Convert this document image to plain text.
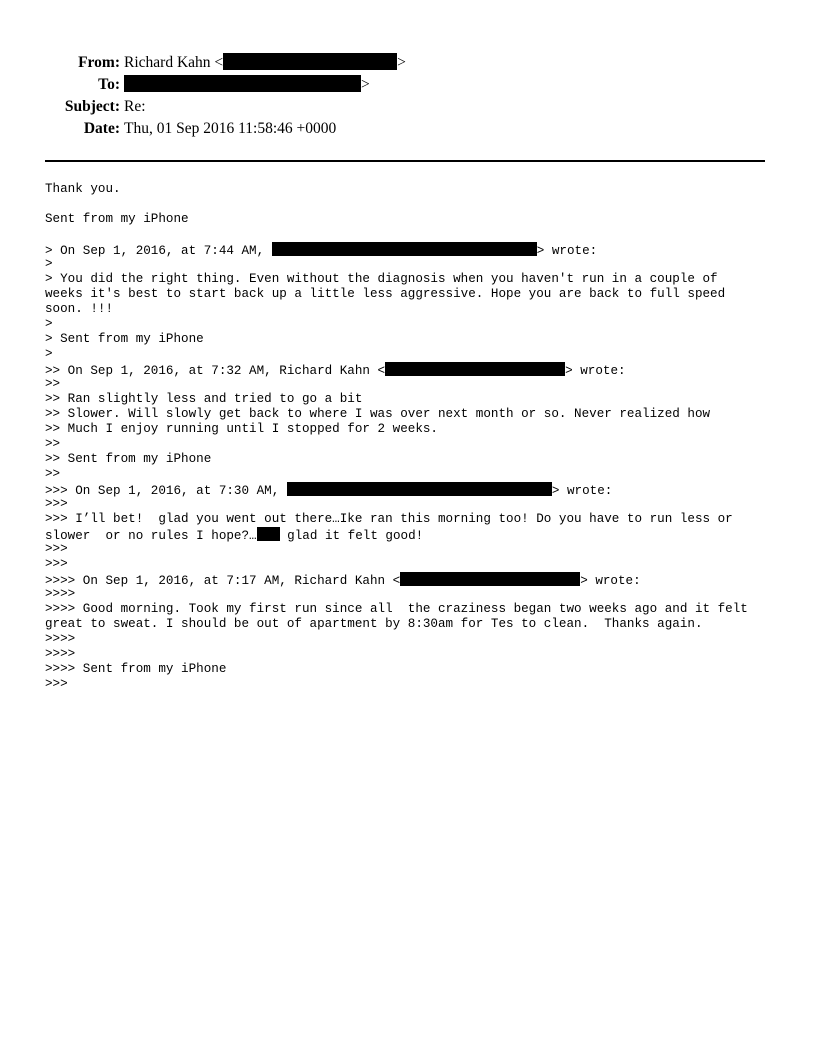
From: Richard Kahn <	>
To:	>
Subject: Re:
Date: Thu, 01 Sep 2016 11:58:46 +0000
Thank you.
Sent from my iPhone
> On Sep 1, 2016, at 7:44 AM,	> wrote:
>
> You did the right thing. Even without the diagnosis when you haven't run in a couple of
weeks it's best to start back up a little less aggressive. Hope you are back to full speed
soon. !!!
>
> Sent from my iPhone
>
>> On Sep 1, 2016, at 7:32 AM, Richard Kahn <	> wrote:
>>
>> Ran slightly less and tried to go a bit
>> Slower. Will slowly get back to where I was over next month or so. Never realized how
>> Much I enjoy running until I stopped for 2 weeks.
>>
>> Sent from my iPhone
>>
>>> On Sep 1, 2016, at 7:30 AM,	> wrote:
>>>
>>> I’ll bet!  glad you went out there…Ike ran this morning too! Do you have to run less or
slower  or no rules I hope?… glad it felt good!
>>>
>>>
>>>> On Sep 1, 2016, at 7:17 AM, Richard Kahn <	> wrote:
>>>>
>>>> Good morning. Took my first run since all  the craziness began two weeks ago and it felt
great to sweat. I should be out of apartment by 8:30am for Tes to clean.  Thanks again.
>>>>
>>>>
>>>> Sent from my iPhone
>>>
